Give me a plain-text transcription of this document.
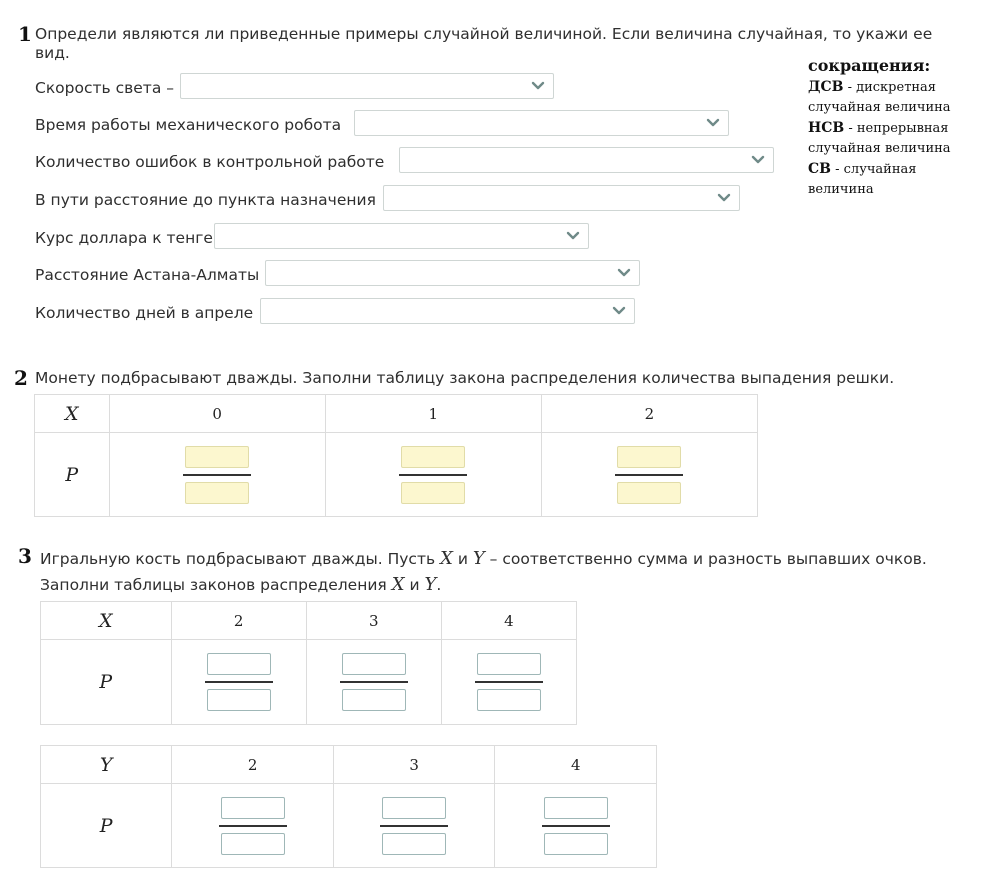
1 Определи являются ли приведенные примеры случайной величиной. Если величина случайная, то укажи ее вид.
Скорость света –
Время работы механического робота
Количество ошибок в контрольной работе
В пути расстояние до пункта назначения
Курс доллара к тенге
Расстояние Астана-Алматы
Количество дней в апреле
сокращения:
ДСВ - дискретная случайная величина
НСВ - непрерывная случайная величина
СВ - случайная величина
2 Монету подбрасывают дважды. Заполни таблицу закона распределения количества выпадения решки.
X	0	1	2
P	

3 Игральную кость подбрасывают дважды. Пусть X и Y – соответственно сумма и разность выпавших очков.
Заполни таблицы законов распределения X и Y.
X	2	3	4
P	

Y	2	3	4
P	
